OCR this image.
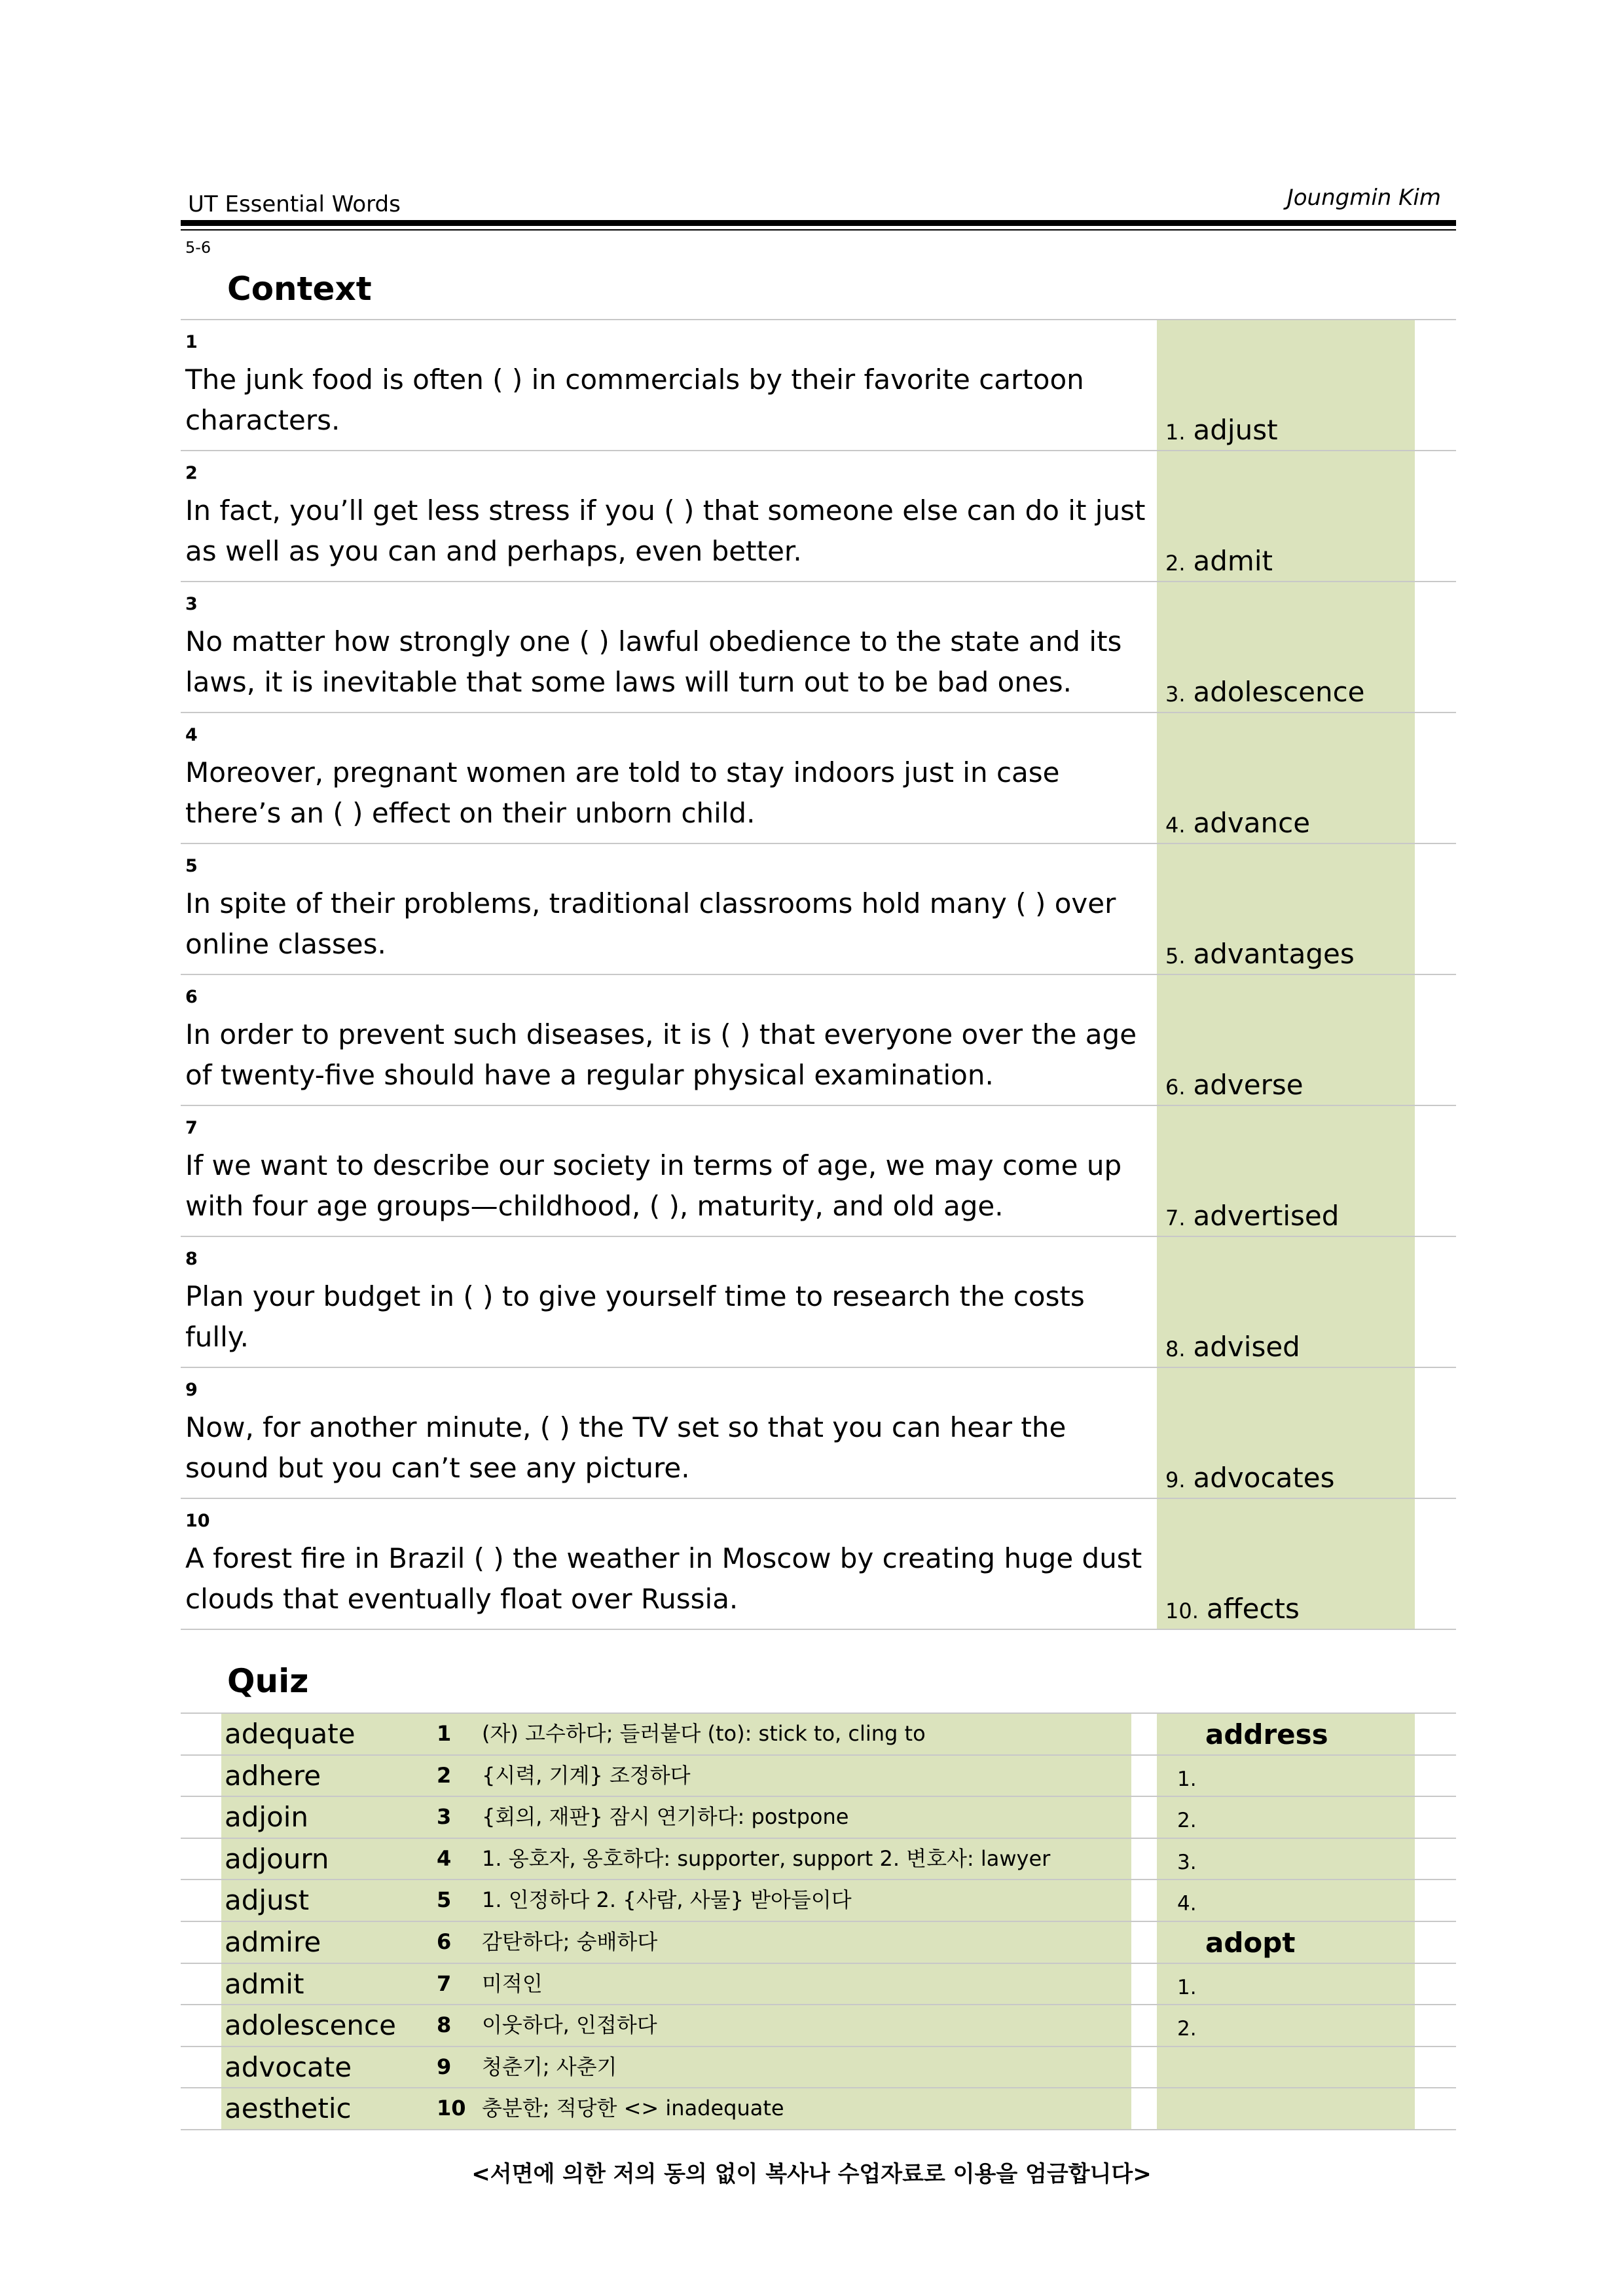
UT Essential Words	Joungmin Kim
5-6
Context
1
The junk food is often ( ) in commercials by their favorite cartoon characters.	1. adjust
2
In fact, you’ll get less stress if you ( ) that someone else can do it just as well as you can and perhaps, even better.	2. admit
3
No matter how strongly one ( ) lawful obedience to the state and its laws, it is inevitable that some laws will turn out to be bad ones.	3. adolescence
4
Moreover, pregnant women are told to stay indoors just in case there’s an ( ) effect on their unborn child.	4. advance
5
In spite of their problems, traditional classrooms hold many ( ) over online classes.	5. advantages
6
In order to prevent such diseases, it is ( ) that everyone over the age of twenty-five should have a regular physical examination.	6. adverse
7
If we want to describe our society in terms of age, we may come up with four age groups—childhood, ( ), maturity, and old age.	7. advertised
8
Plan your budget in ( ) to give yourself time to research the costs fully.	8. advised
9
Now, for another minute, ( ) the TV set so that you can hear the sound but you can’t see any picture.	9. advocates
10
A forest fire in Brazil ( ) the weather in Moscow by creating huge dust clouds that eventually float over Russia.	10. affects
Quiz
adequate	1	(자) 고수하다; 들러붙다 (to): stick to, cling to	address
adhere	2	{시력, 기계} 조정하다	1.
adjoin	3	{회의, 재판} 잠시 연기하다: postpone	2.
adjourn	4	1. 옹호자, 옹호하다: supporter, support 2. 변호사: lawyer	3.
adjust	5	1. 인정하다 2. {사람, 사물} 받아들이다	4.
admire	6	감탄하다; 숭배하다	adopt
admit	7	미적인	1.
adolescence 8	이웃하다, 인접하다	2.
advocate	9	청춘기; 사춘기
aesthetic	10 충분한; 적당한 <> inadequate
<서면에 의한 저의 동의 없이 복사나 수업자료로 이용을 엄금합니다>
